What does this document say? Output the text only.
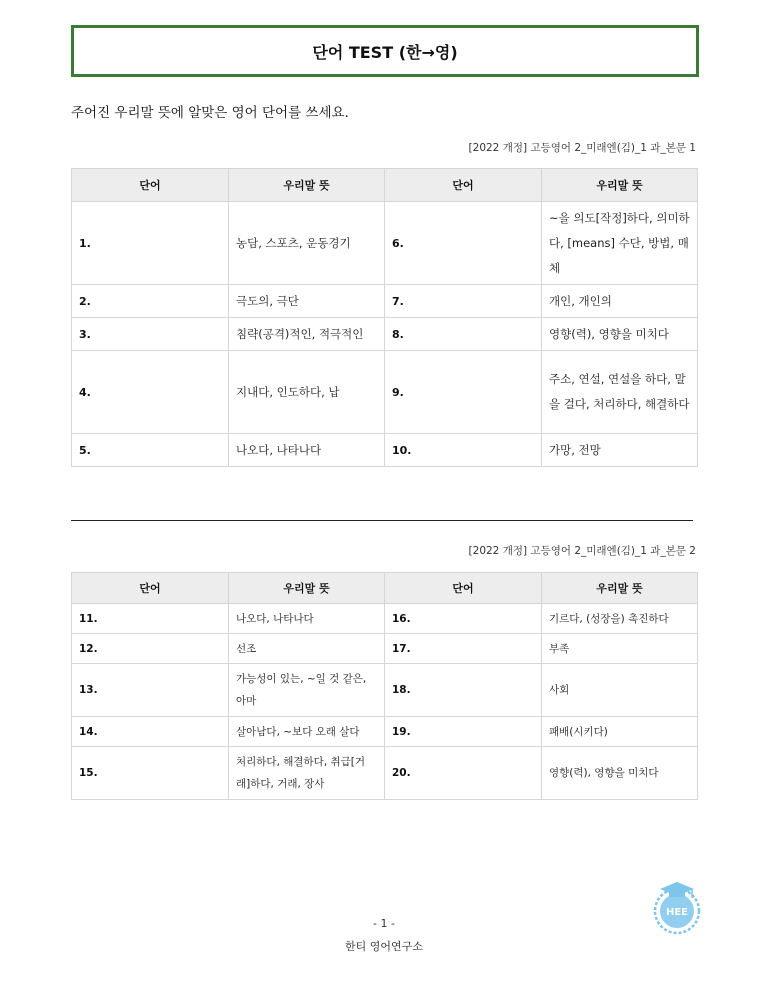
단어 TEST (한→영)
주어진 우리말 뜻에 알맞은 영어 단어를 쓰세요.
[2022 개정] 고등영어 2_미래엔(김)_1 과_본문 1
단어	우리말 뜻	단어	우리말 뜻
1.	농담, 스포츠, 운동경기	6.	~을 의도[작정]하다, 의미하다, [means] 수단, 방법, 매체
2.	극도의, 극단	7.	개인, 개인의
3.	침략(공격)적인, 적극적인	8.	영향(력), 영향을 미치다
4.	지내다, 인도하다, 납	9.	주소, 연설, 연설을 하다, 말을 걸다, 처리하다, 해결하다
5.	나오다, 나타나다	10.	가망, 전망
[2022 개정] 고등영어 2_미래엔(김)_1 과_본문 2
단어	우리말 뜻	단어	우리말 뜻
11.	나오다, 나타나다	16.	기르다, (성장을) 촉진하다
12.	선조	17.	부족
13.	가능성이 있는, ~일 것 같은, 아마	18.	사회
14.	살아남다, ~보다 오래 살다	19.	패배(시키다)
15.	처리하다, 해결하다, 취급[거래]하다, 거래, 장사	20.	영향(력), 영향을 미치다
HEE
- 1 -
한티 영어연구소
